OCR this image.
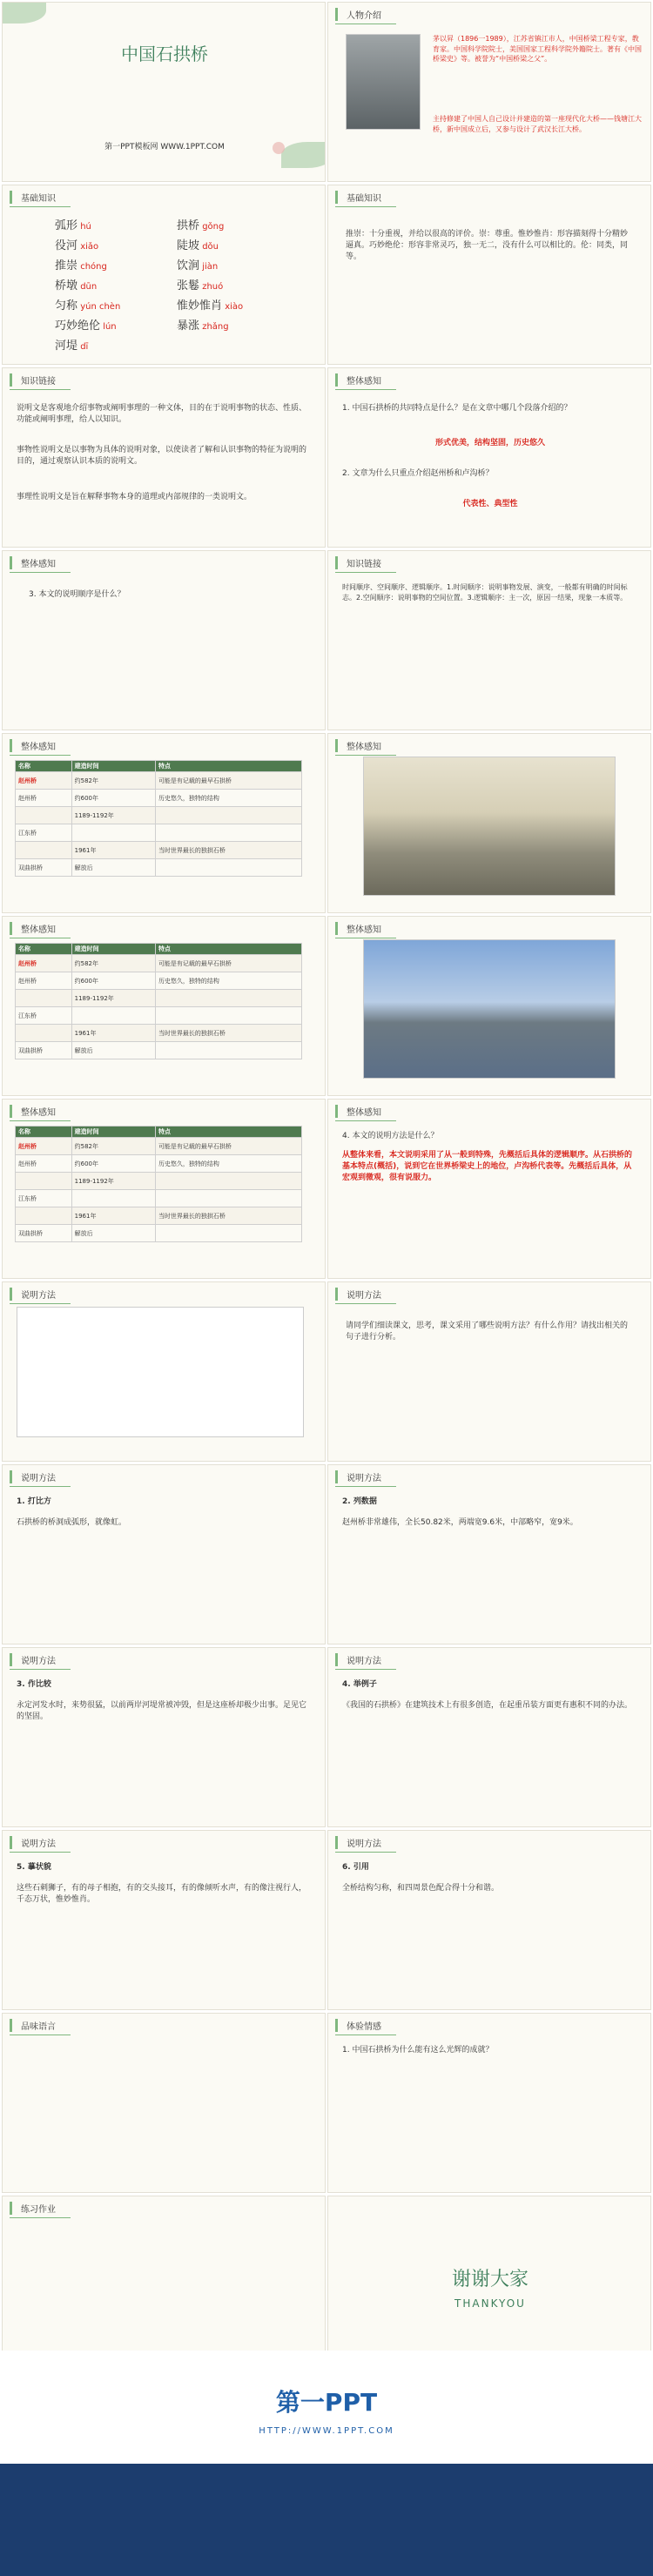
中国石拱桥
第一PPT模板网 WWW.1PPT.COM
人物介绍
茅以昇（1896一1989），江苏省镇江市人，中国桥梁工程专家，教育家。中国科学院院士，美国国家工程科学院外籍院士。著有《中国桥梁史》等。被誉为“中国桥梁之父”。
主持修建了中国人自己设计并建造的第一座现代化大桥——钱塘江大桥，新中国成立后，又参与设计了武汉长江大桥。
基础知识
弧形 hú	拱桥 gǒng
役河 xiǎo	陡坡 dǒu
推崇 chóng	饮涧 jiàn
桥墩 dūn	张鬈 zhuó
匀称 yún chèn	惟妙惟肖 xiào
巧妙绝伦 lún	暴涨 zhǎng
河堤 dī
基础知识
推崇：十分重视，并给以很高的评价。崇：尊重。惟妙惟肖：形容描刻得十分精妙逼真。巧妙绝伦：形容非常灵巧，独一无二，没有什么可以相比的。伦：同类，同等。
知识链接
说明文是客观地介绍事物或阐明事理的一种文体，目的在于说明事物的状态、性质、功能或阐明事理，给人以知识。
事物性说明文是以事物为具体的说明对象，以使读者了解和认识事物的特征为说明的目的，通过观察认识本质的说明文。
事理性说明文是旨在解释事物本身的道理或内部规律的一类说明文。
整体感知
1. 中国石拱桥的共同特点是什么？是在文章中哪几个段落介绍的？
形式优美，结构坚固，历史悠久
2. 文章为什么只重点介绍赵州桥和卢沟桥？
代表性、典型性
整体感知
3. 本文的说明顺序是什么？
知识链接
时间顺序、空间顺序、逻辑顺序。1.时间顺序：说明事物发展、演变，一般都有明确的时间标志。2.空间顺序：说明事物的空间位置。3.逻辑顺序：主一次，原因一结果，现象一本质等。
整体感知
名称	建造时间	特点
赵州桥	约582年	可能是有记载的最早石拱桥
赵州桥	约600年	历史悠久，独特的结构
	1189-1192年	
江东桥		
	1961年	当时世界最长的独拱石桥
双曲拱桥	解放后	
整体感知
整体感知
名称	建造时间	特点
赵州桥	约582年	可能是有记载的最早石拱桥
赵州桥	约600年	历史悠久，独特的结构
	1189-1192年	
江东桥		
	1961年	当时世界最长的独拱石桥
双曲拱桥	解放后	
整体感知
整体感知
名称	建造时间	特点
赵州桥	约582年	可能是有记载的最早石拱桥
赵州桥	约600年	历史悠久，独特的结构
	1189-1192年	
江东桥		
	1961年	当时世界最长的独拱石桥
双曲拱桥	解放后	
整体感知
4. 本文的说明方法是什么？
从整体来看，本文说明采用了从一般到特殊，先概括后具体的逻辑顺序。从石拱桥的基本特点(概括)，说到它在世界桥梁史上的地位，卢沟桥代表等。先概括后具体，从宏观到微观，很有说服力。
说明方法	说明方法
请同学们细读课文，思考，课文采用了哪些说明方法？有什么作用？请找出相关的句子进行分析。
说明方法
1. 打比方
石拱桥的桥洞成弧形，就像虹。
说明方法
2. 列数据
赵州桥非常雄伟，全长50.82米，两端宽9.6米，中部略窄，宽9米。
说明方法
3. 作比较
永定河发水时，来势很猛，以前两岸河堤常被冲毁，但是这座桥却极少出事。足见它的坚固。
说明方法
4. 举例子
《我国的石拱桥》在建筑技术上有很多创造，在起重吊装方面更有惠积不同的办法。
说明方法
5. 摹状貌
这些石刺狮子，有的母子相抱，有的交头接耳，有的像倾听水声，有的像注视行人，千态万状，惟妙惟肖。
说明方法
6. 引用
全桥结构匀称，和四周景色配合得十分和谐。
品味语言	体验情感
1. 中国石拱桥为什么能有这么光辉的成就？
练习作业
谢谢大家
THANKYOU
第一PPT
HTTP://WWW.1PPT.COM
